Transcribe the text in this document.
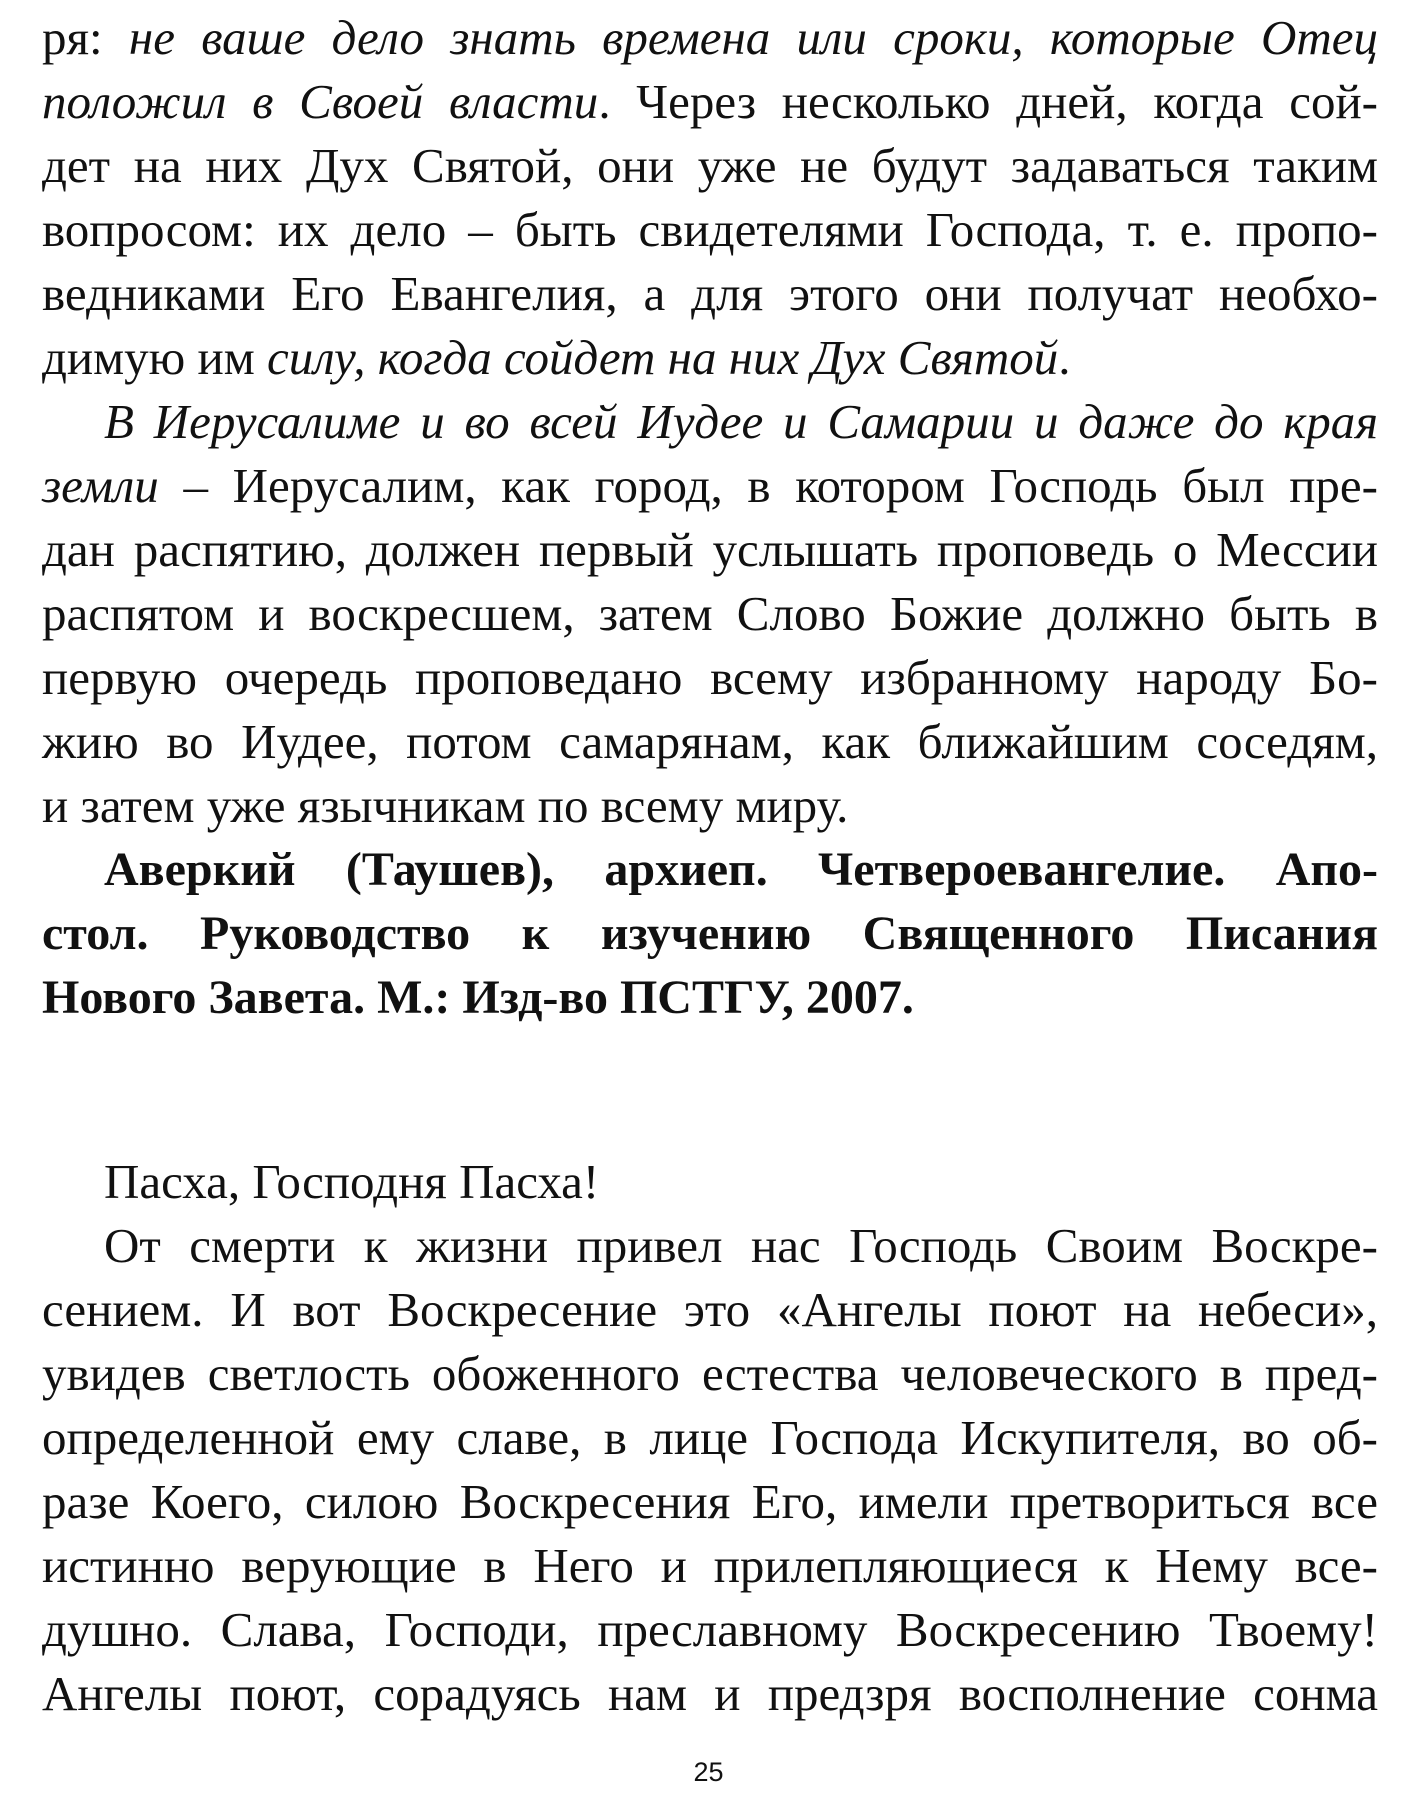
ря: не ваше дело знать времена или сроки, которые Отец
положил в Своей власти. Через несколько дней, когда сой-
дет на них Дух Святой, они уже не будут задаваться таким
вопросом: их дело – быть свидетелями Господа, т. е. пропо-
ведниками Его Евангелия, а для этого они получат необхо-
димую им силу, когда сойдет на них Дух Святой.
В Иерусалиме и во всей Иудее и Самарии и даже до края
земли – Иерусалим, как город, в котором Господь был пре-
дан распятию, должен первый услышать проповедь о Мессии
распятом и воскресшем, затем Слово Божие должно быть в
первую очередь проповедано всему избранному народу Бо-
жию во Иудее, потом самарянам, как ближайшим соседям,
и затем уже язычникам по всему миру.
Аверкий (Таушев), архиеп. Четвероевангелие. Апо-
стол. Руководство к изучению Священного Писания
Нового Завета. М.: Изд-во ПСТГУ, 2007.
Пасха, Господня Пасха!
От смерти к жизни привел нас Господь Своим Воскре-
сением. И вот Воскресение это «Ангелы поют на небеси»,
увидев светлость обоженного естества человеческого в пред-
определенной ему славе, в лице Господа Искупителя, во об-
разе Коего, силою Воскресения Его, имели претвориться все
истинно верующие в Него и прилепляющиеся к Нему все-
душно. Слава, Господи, преславному Воскресению Твоему!
Ангелы поют, сорадуясь нам и предзря восполнение сонма
25
